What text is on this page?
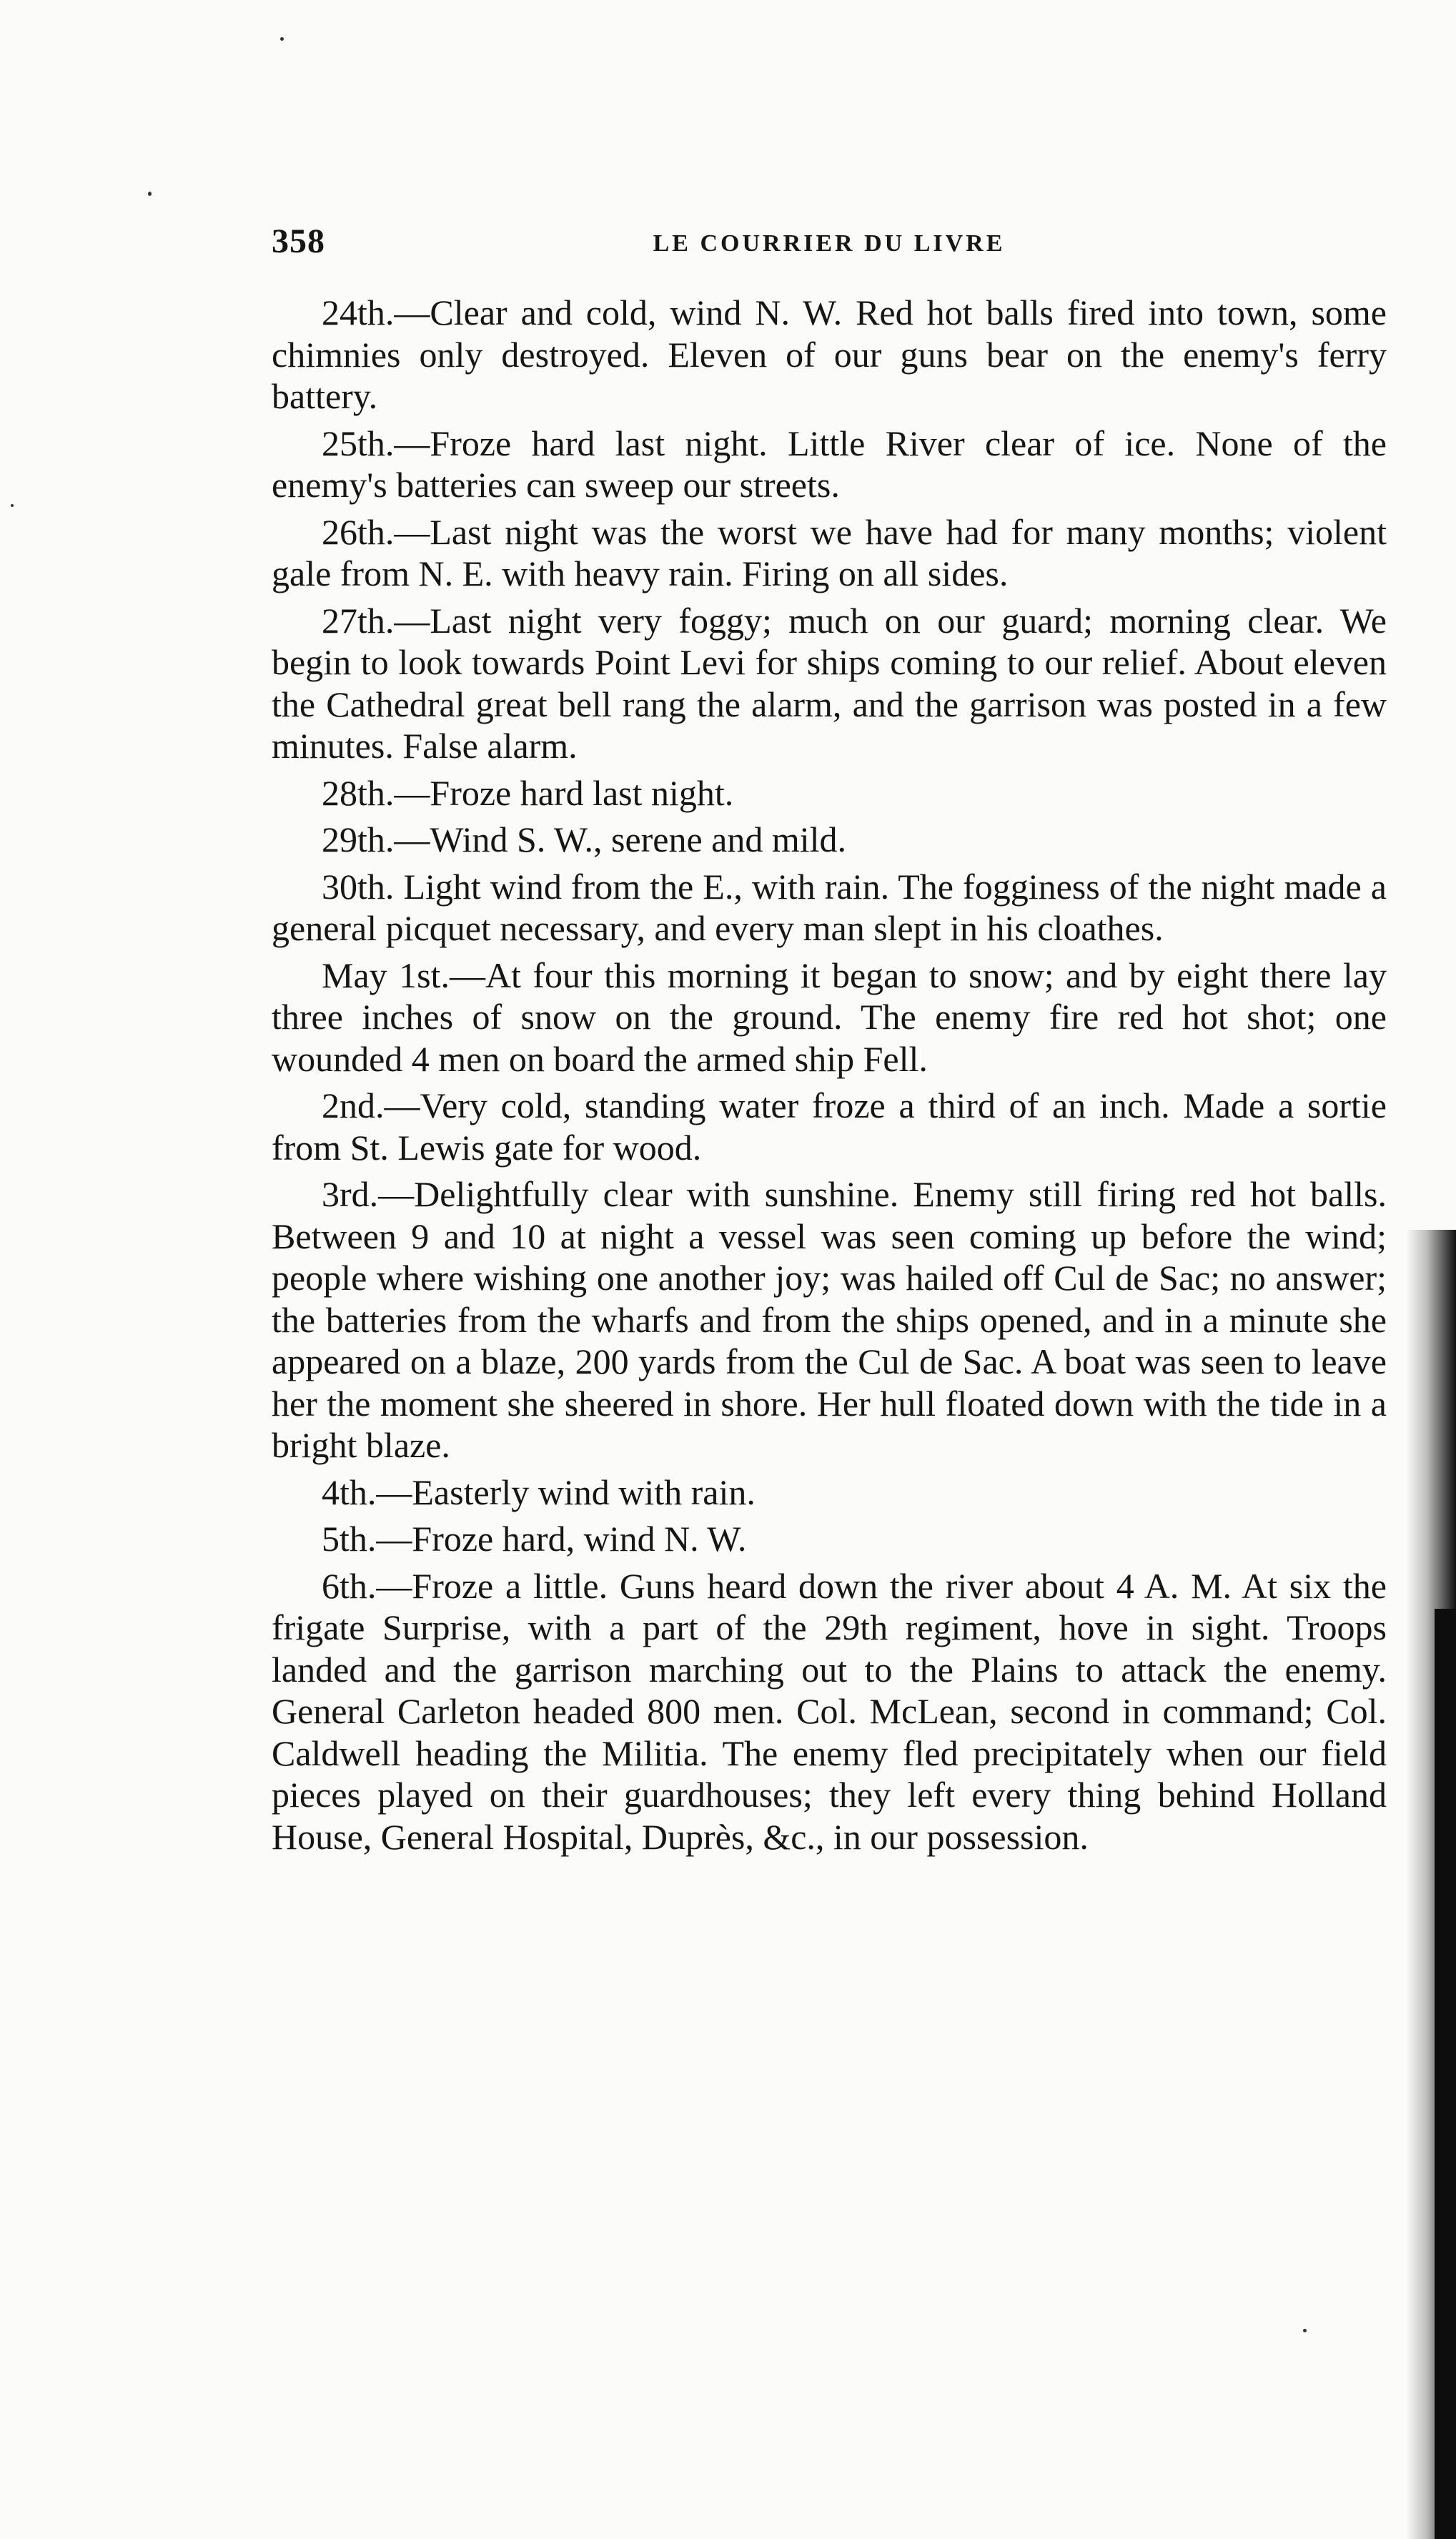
358	LE COURRIER DU LIVRE

24th.—Clear and cold, wind N. W. Red hot balls fired into town, some chimnies only destroyed. Eleven of our guns bear on the enemy's ferry battery.

25th.—Froze hard last night. Little River clear of ice. None of the enemy's batteries can sweep our streets.

26th.—Last night was the worst we have had for many months; violent gale from N. E. with heavy rain. Firing on all sides.

27th.—Last night very foggy; much on our guard; morning clear. We begin to look towards Point Levi for ships coming to our relief. About eleven the Cathedral great bell rang the alarm, and the garrison was posted in a few minutes. False alarm.

28th.—Froze hard last night.

29th.—Wind S. W., serene and mild.

30th. Light wind from the E., with rain. The fogginess of the night made a general picquet necessary, and every man slept in his cloathes.

May 1st.—At four this morning it began to snow; and by eight there lay three inches of snow on the ground. The enemy fire red hot shot; one wounded 4 men on board the armed ship Fell.

2nd.—Very cold, standing water froze a third of an inch. Made a sortie from St. Lewis gate for wood.

3rd.—Delightfully clear with sunshine. Enemy still firing red hot balls. Between 9 and 10 at night a vessel was seen coming up before the wind; people where wishing one another joy; was hailed off Cul de Sac; no answer; the batteries from the wharfs and from the ships opened, and in a minute she appeared on a blaze, 200 yards from the Cul de Sac. A boat was seen to leave her the moment she sheered in shore. Her hull floated down with the tide in a bright blaze.

4th.—Easterly wind with rain.

5th.—Froze hard, wind N. W.

6th.—Froze a little. Guns heard down the river about 4 A. M. At six the frigate Surprise, with a part of the 29th regiment, hove in sight. Troops landed and the garrison marching out to the Plains to attack the enemy. General Carleton headed 800 men. Col. McLean, second in command; Col. Caldwell heading the Militia. The enemy fled precipitately when our field pieces played on their guardhouses; they left every thing behind Holland House, General Hospital, Duprès, &c., in our possession.
